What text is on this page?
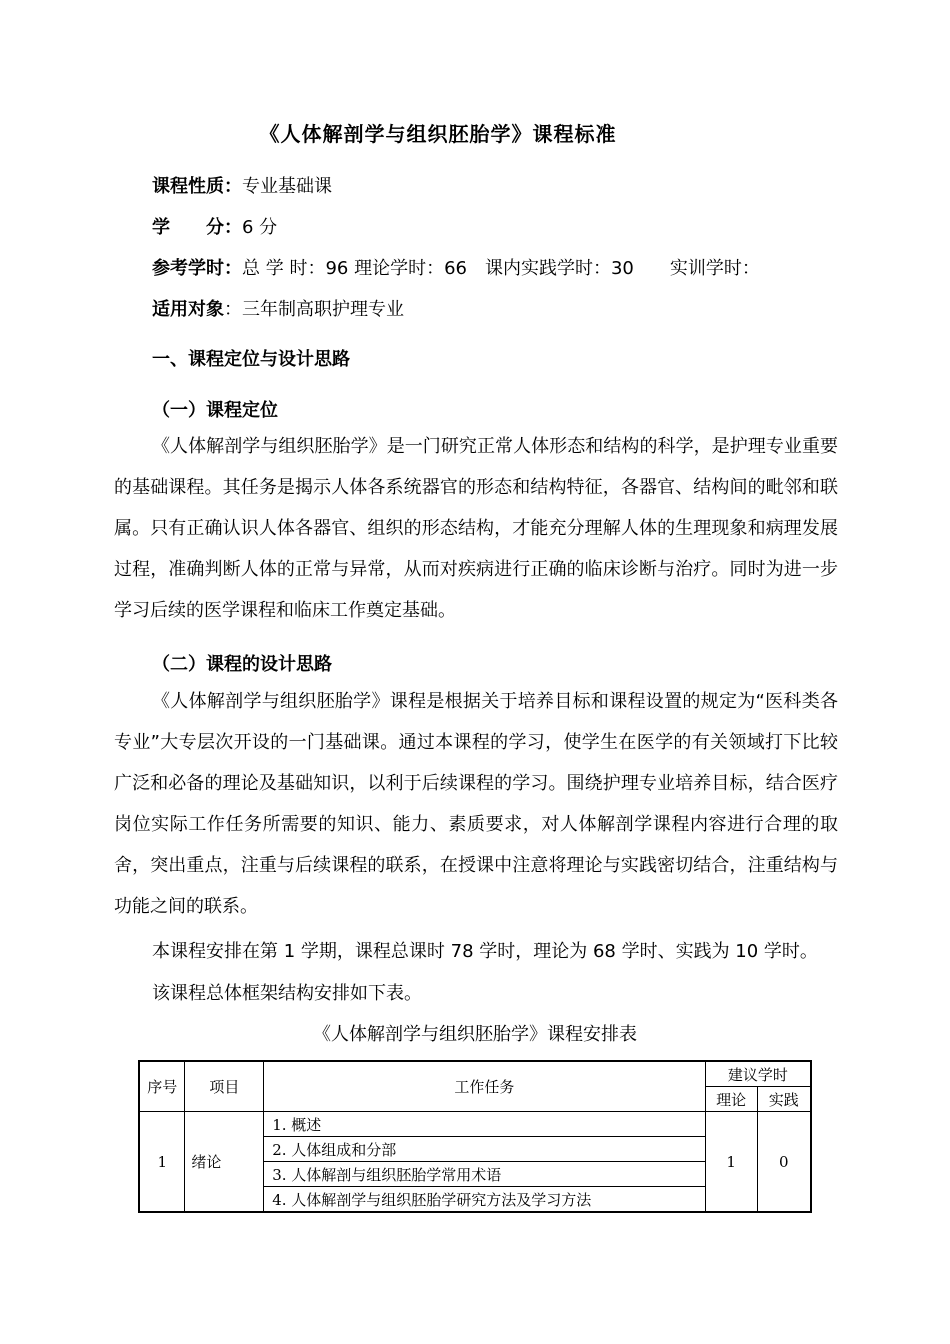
《人体解剖学与组织胚胎学》课程标准
课程性质：专业基础课
学　　分：6 分
参考学时：总 学 时：96 理论学时：66　课内实践学时：30　　实训学时：
适用对象：三年制高职护理专业
一、课程定位与设计思路
（一）课程定位
《人体解剖学与组织胚胎学》是一门研究正常人体形态和结构的科学，是护理专业重要的基础课程。其任务是揭示人体各系统器官的形态和结构特征，各器官、结构间的毗邻和联属。只有正确认识人体各器官、组织的形态结构，才能充分理解人体的生理现象和病理发展过程，准确判断人体的正常与异常，从而对疾病进行正确的临床诊断与治疗。同时为进一步学习后续的医学课程和临床工作奠定基础。
（二）课程的设计思路
《人体解剖学与组织胚胎学》课程是根据关于培养目标和课程设置的规定为“医科类各专业”大专层次开设的一门基础课。通过本课程的学习，使学生在医学的有关领域打下比较广泛和必备的理论及基础知识，以利于后续课程的学习。围绕护理专业培养目标，结合医疗岗位实际工作任务所需要的知识、能力、素质要求，对人体解剖学课程内容进行合理的取舍，突出重点，注重与后续课程的联系，在授课中注意将理论与实践密切结合，注重结构与功能之间的联系。
本课程安排在第 1 学期，课程总课时 78 学时，理论为 68 学时、实践为 10 学时。
该课程总体框架结构安排如下表。
《人体解剖学与组织胚胎学》课程安排表
序号	项目	工作任务	建议学时	
			理论	实践
1	绪论	1. 概述	1	0
		2. 人体组成和分部		
		3. 人体解剖与组织胚胎学常用术语		
		4. 人体解剖学与组织胚胎学研究方法及学习方法		
